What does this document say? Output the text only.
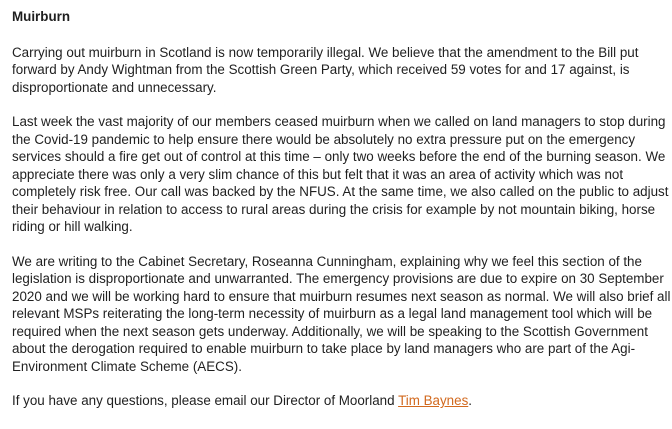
Muirburn
Carrying out muirburn in Scotland is now temporarily illegal. We believe that the amendment to the Bill put
forward by Andy Wightman from the Scottish Green Party, which received 59 votes for and 17 against, is
disproportionate and unnecessary.
Last week the vast majority of our members ceased muirburn when we called on land managers to stop during
the Covid-19 pandemic to help ensure there would be absolutely no extra pressure put on the emergency
services should a fire get out of control at this time – only two weeks before the end of the burning season. We
appreciate there was only a very slim chance of this but felt that it was an area of activity which was not
completely risk free. Our call was backed by the NFUS. At the same time, we also called on the public to adjust
their behaviour in relation to access to rural areas during the crisis for example by not mountain biking, horse
riding or hill walking.
We are writing to the Cabinet Secretary, Roseanna Cunningham, explaining why we feel this section of the
legislation is disproportionate and unwarranted. The emergency provisions are due to expire on 30 September
2020 and we will be working hard to ensure that muirburn resumes next season as normal. We will also brief all
relevant MSPs reiterating the long-term necessity of muirburn as a legal land management tool which will be
required when the next season gets underway. Additionally, we will be speaking to the Scottish Government
about the derogation required to enable muirburn to take place by land managers who are part of the Agi-
Environment Climate Scheme (AECS).
If you have any questions, please email our Director of Moorland Tim Baynes.
